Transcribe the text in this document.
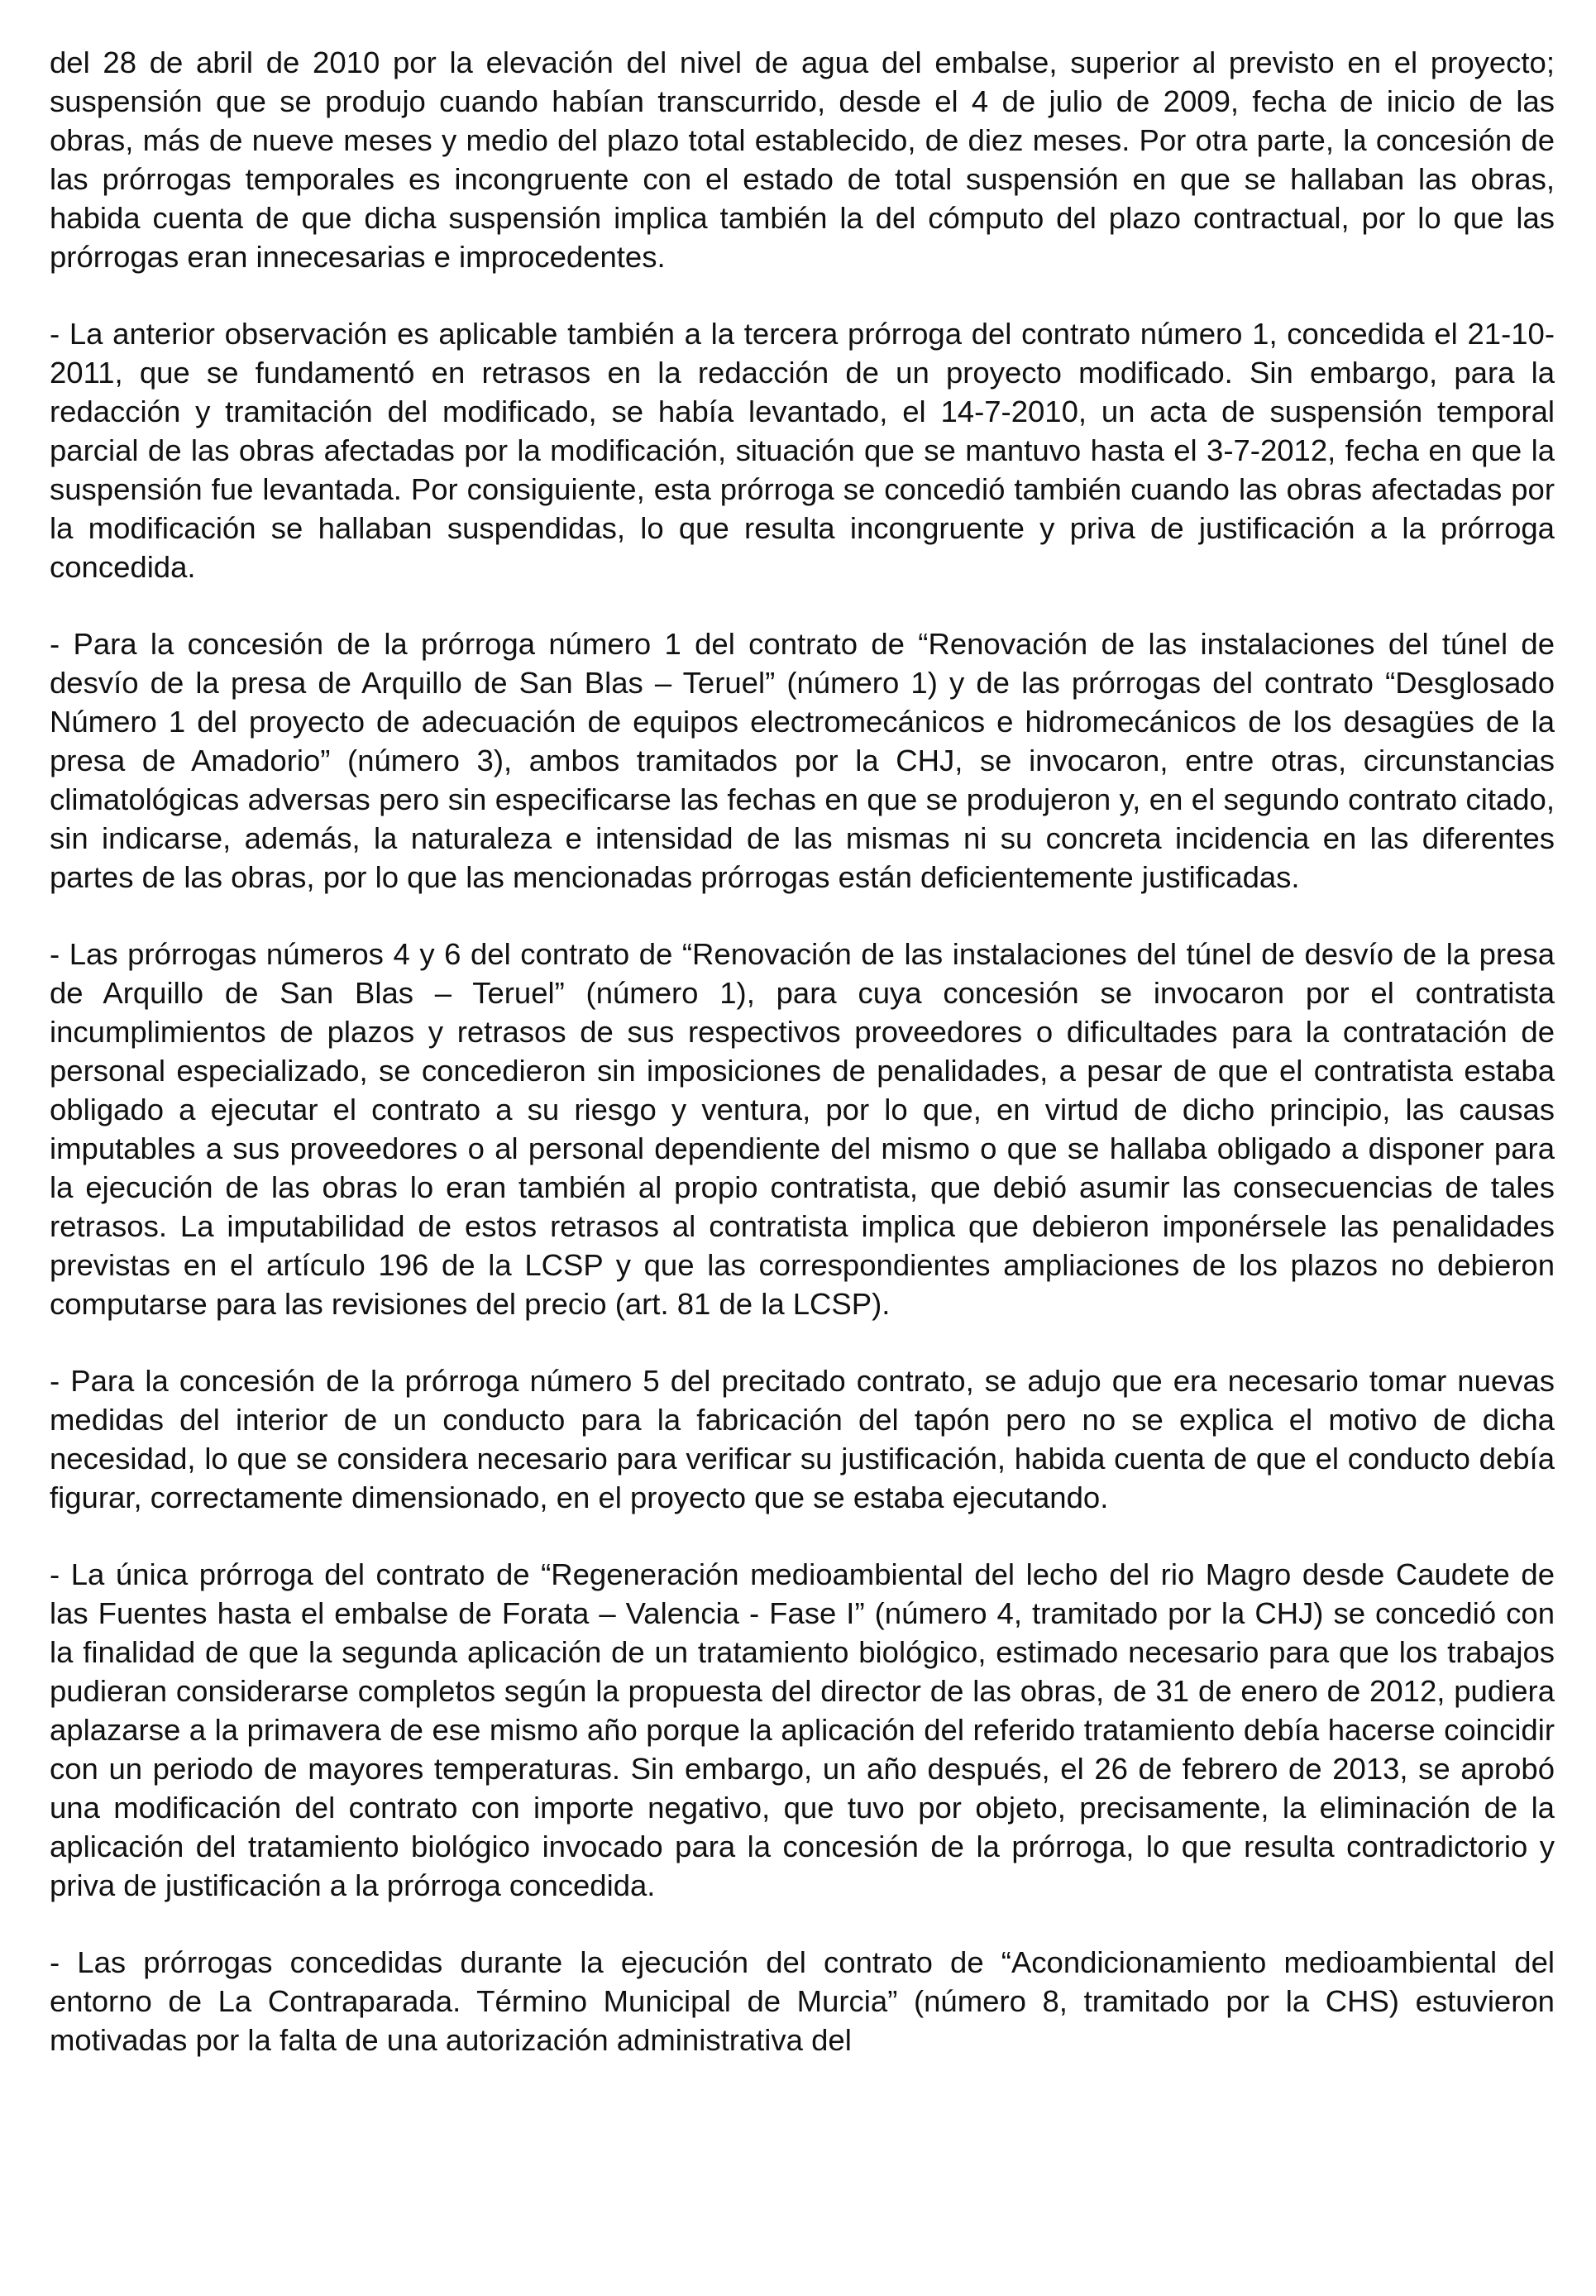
del 28 de abril de 2010 por la elevación del nivel de agua del embalse, superior al previsto en el proyecto; suspensión que se produjo cuando habían transcurrido, desde el 4 de julio de 2009, fecha de inicio de las obras, más de nueve meses y medio del plazo total establecido, de diez meses. Por otra parte, la concesión de las prórrogas temporales es incongruente con el estado de total suspensión en que se hallaban las obras, habida cuenta de que dicha suspensión implica también la del cómputo del plazo contractual, por lo que las prórrogas eran innecesarias e improcedentes.

- La anterior observación es aplicable también a la tercera prórroga del contrato número 1, concedida el 21-10-2011, que se fundamentó en retrasos en la redacción de un proyecto modificado. Sin embargo, para la redacción y tramitación del modificado, se había levantado, el 14-7-2010, un acta de suspensión temporal parcial de las obras afectadas por la modificación, situación que se mantuvo hasta el 3-7-2012, fecha en que la suspensión fue levantada. Por consiguiente, esta prórroga se concedió también cuando las obras afectadas por la modificación se hallaban suspendidas, lo que resulta incongruente y priva de justificación a la prórroga concedida.

- Para la concesión de la prórroga número 1 del contrato de “Renovación de las instalaciones del túnel de desvío de la presa de Arquillo de San Blas – Teruel” (número 1) y de las prórrogas del contrato “Desglosado Número 1 del proyecto de adecuación de equipos electromecánicos e hidromecánicos de los desagües de la presa de Amadorio” (número 3), ambos tramitados por la CHJ, se invocaron, entre otras, circunstancias climatológicas adversas pero sin especificarse las fechas en que se produjeron y, en el segundo contrato citado, sin indicarse, además, la naturaleza e intensidad de las mismas ni su concreta incidencia en las diferentes partes de las obras, por lo que las mencionadas prórrogas están deficientemente justificadas.

- Las prórrogas números 4 y 6 del contrato de “Renovación de las instalaciones del túnel de desvío de la presa de Arquillo de San Blas – Teruel” (número 1), para cuya concesión se invocaron por el contratista incumplimientos de plazos y retrasos de sus respectivos proveedores o dificultades para la contratación de personal especializado, se concedieron sin imposiciones de penalidades, a pesar de que el contratista estaba obligado a ejecutar el contrato a su riesgo y ventura, por lo que, en virtud de dicho principio, las causas imputables a sus proveedores o al personal dependiente del mismo o que se hallaba obligado a disponer para la ejecución de las obras lo eran también al propio contratista, que debió asumir las consecuencias de tales retrasos. La imputabilidad de estos retrasos al contratista implica que debieron imponérsele las penalidades previstas en el artículo 196 de la LCSP y que las correspondientes ampliaciones de los plazos no debieron computarse para las revisiones del precio (art. 81 de la LCSP).

- Para la concesión de la prórroga número 5 del precitado contrato, se adujo que era necesario tomar nuevas medidas del interior de un conducto para la fabricación del tapón pero no se explica el motivo de dicha necesidad, lo que se considera necesario para verificar su justificación, habida cuenta de que el conducto debía figurar, correctamente dimensionado, en el proyecto que se estaba ejecutando.

- La única prórroga del contrato de “Regeneración medioambiental del lecho del rio Magro desde Caudete de las Fuentes hasta el embalse de Forata – Valencia - Fase I” (número 4, tramitado por la CHJ) se concedió con la finalidad de que la segunda aplicación de un tratamiento biológico, estimado necesario para que los trabajos pudieran considerarse completos según la propuesta del director de las obras, de 31 de enero de 2012, pudiera aplazarse a la primavera de ese mismo año porque la aplicación del referido tratamiento debía hacerse coincidir con un periodo de mayores temperaturas. Sin embargo, un año después, el 26 de febrero de 2013, se aprobó una modificación del contrato con importe negativo, que tuvo por objeto, precisamente, la eliminación de la aplicación del tratamiento biológico invocado para la concesión de la prórroga, lo que resulta contradictorio y priva de justificación a la prórroga concedida.

- Las prórrogas concedidas durante la ejecución del contrato de “Acondicionamiento medioambiental del entorno de La Contraparada. Término Municipal de Murcia” (número 8, tramitado por la CHS) estuvieron motivadas por la falta de una autorización administrativa del
